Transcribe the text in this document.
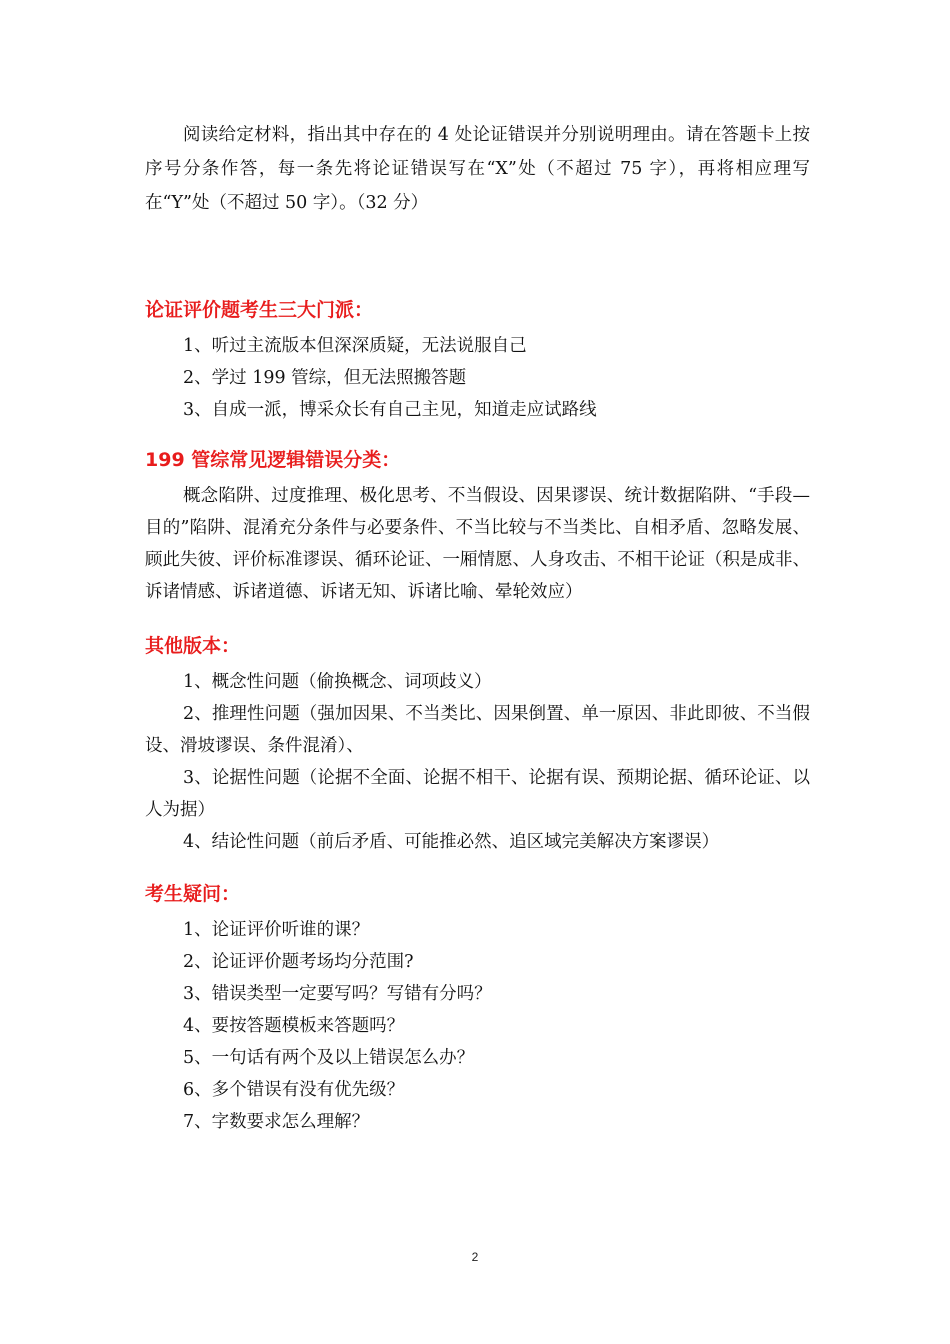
阅读给定材料，指出其中存在的 4 处论证错误并分别说明理由。请在答题卡上按序号分条作答，每一条先将论证错误写在“X”处（不超过 75 字），再将相应理写在“Y”处（不超过 50 字）。（32 分）

论证评价题考生三大门派：

1、听过主流版本但深深质疑，无法说服自己

2、学过 199 管综，但无法照搬答题

3、自成一派，博采众长有自己主见，知道走应试路线

199 管综常见逻辑错误分类：

概念陷阱、过度推理、极化思考、不当假设、因果谬误、统计数据陷阱、“手段—目的”陷阱、混淆充分条件与必要条件、不当比较与不当类比、自相矛盾、忽略发展、顾此失彼、评价标准谬误、循环论证、一厢情愿、人身攻击、不相干论证（积是成非、诉诸情感、诉诸道德、诉诸无知、诉诸比喻、晕轮效应）

其他版本：

1、概念性问题（偷换概念、词项歧义）

2、推理性问题（强加因果、不当类比、因果倒置、单一原因、非此即彼、不当假设、滑坡谬误、条件混淆）、

3、论据性问题（论据不全面、论据不相干、论据有误、预期论据、循环论证、以人为据）

4、结论性问题（前后矛盾、可能推必然、追区域完美解决方案谬误）

考生疑问：

1、论证评价听谁的课？

2、论证评价题考场均分范围?

3、错误类型一定要写吗？写错有分吗？

4、要按答题模板来答题吗？

5、一句话有两个及以上错误怎么办？

6、多个错误有没有优先级？

7、字数要求怎么理解？

2
